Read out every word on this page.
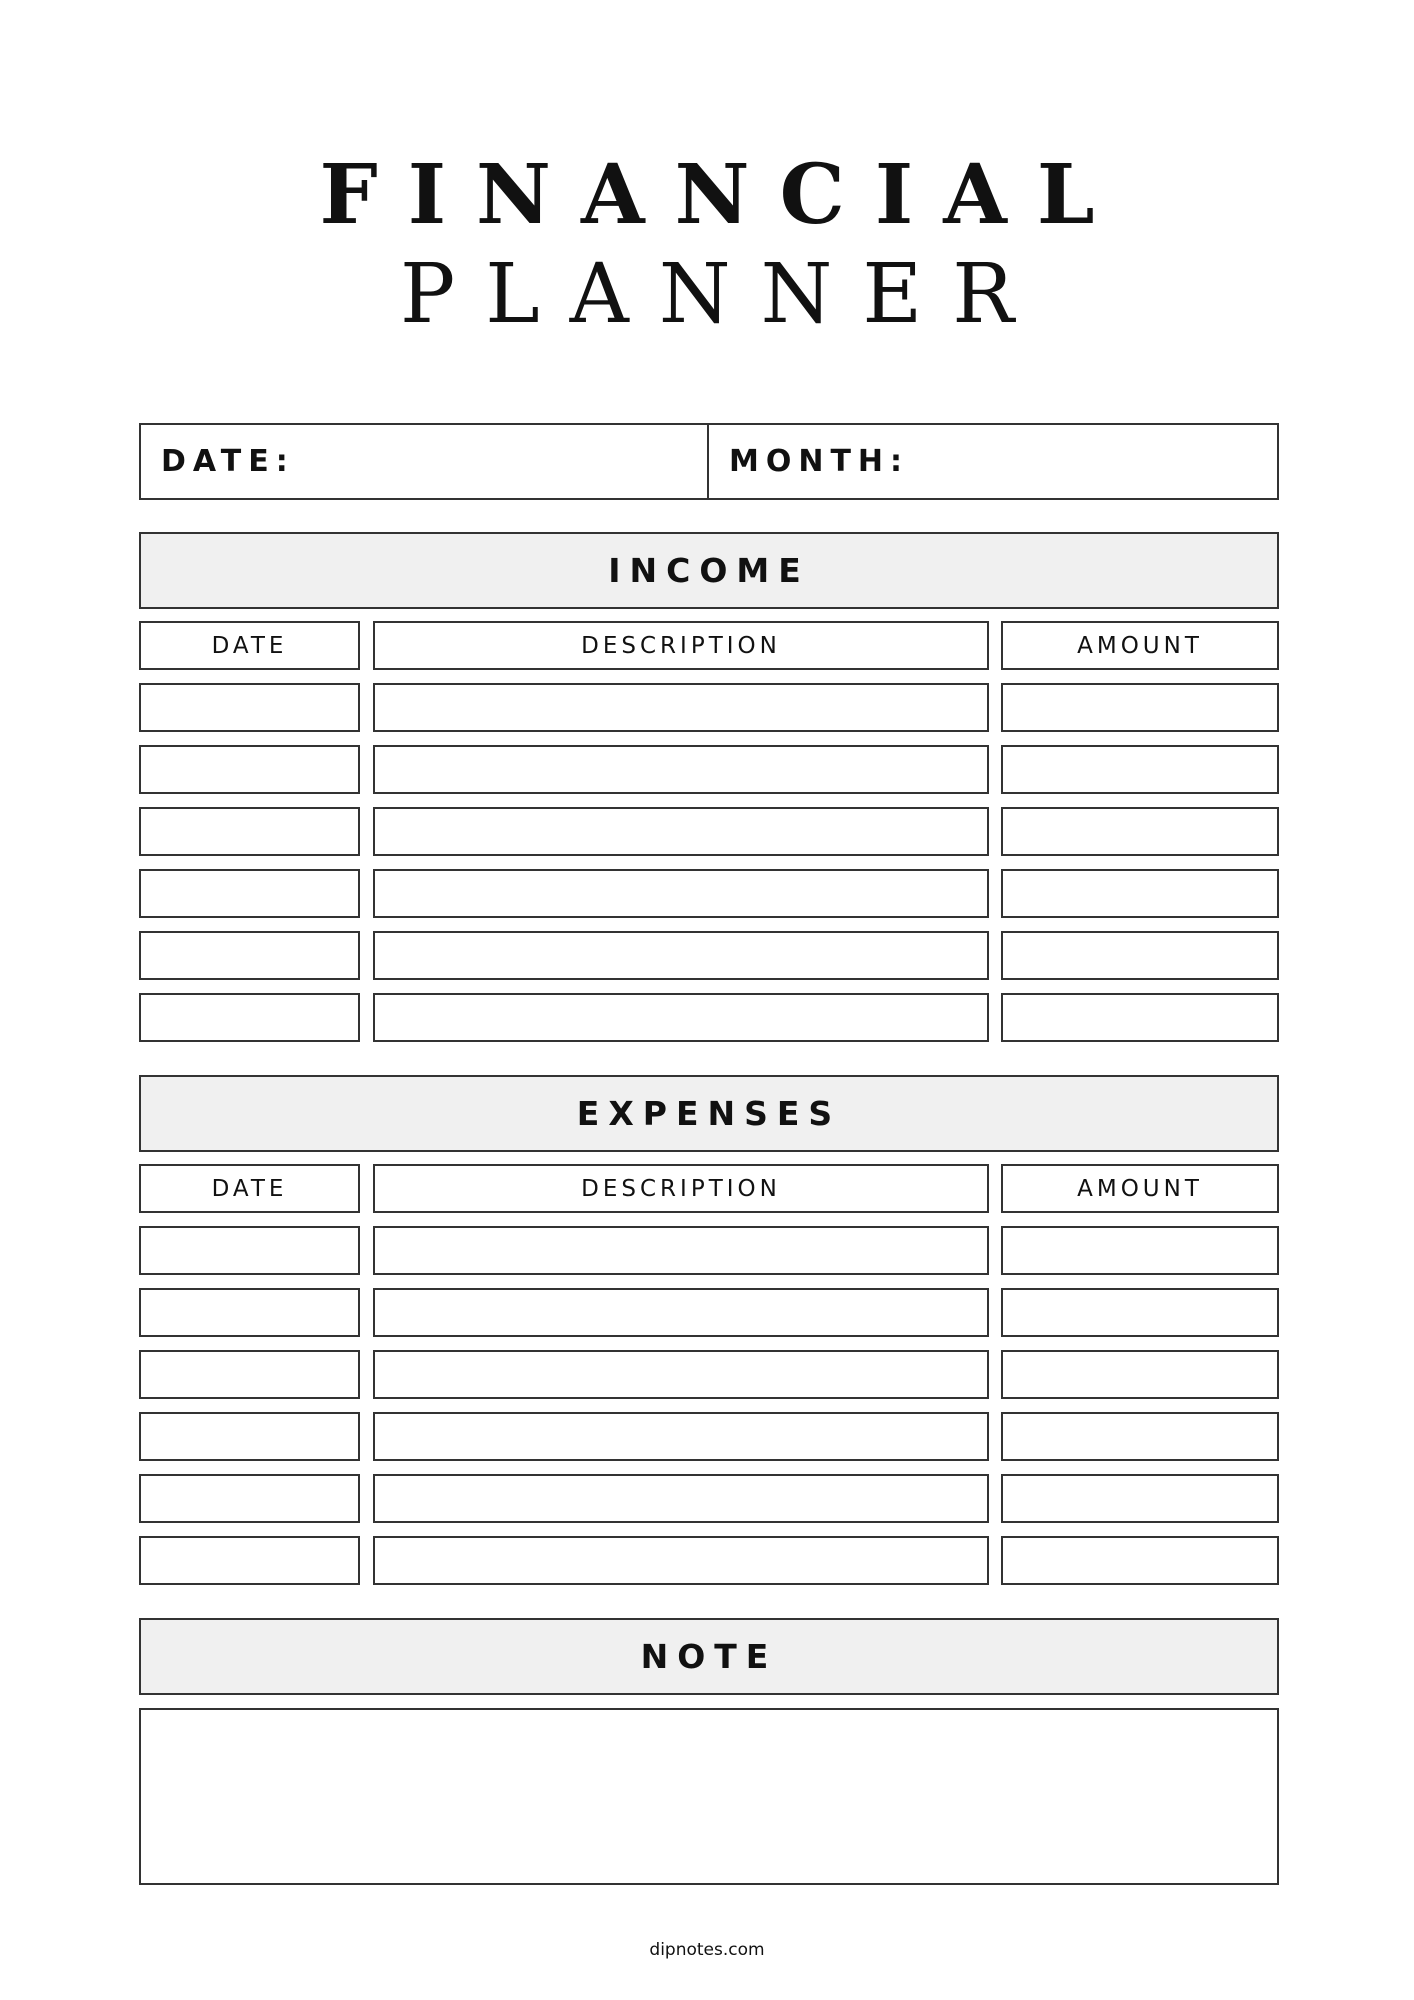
FINANCIAL
PLANNER
DATE:	MONTH:
INCOME
DATE	DESCRIPTION	AMOUNT
EXPENSES
DATE	DESCRIPTION	AMOUNT
NOTE
dipnotes.com
